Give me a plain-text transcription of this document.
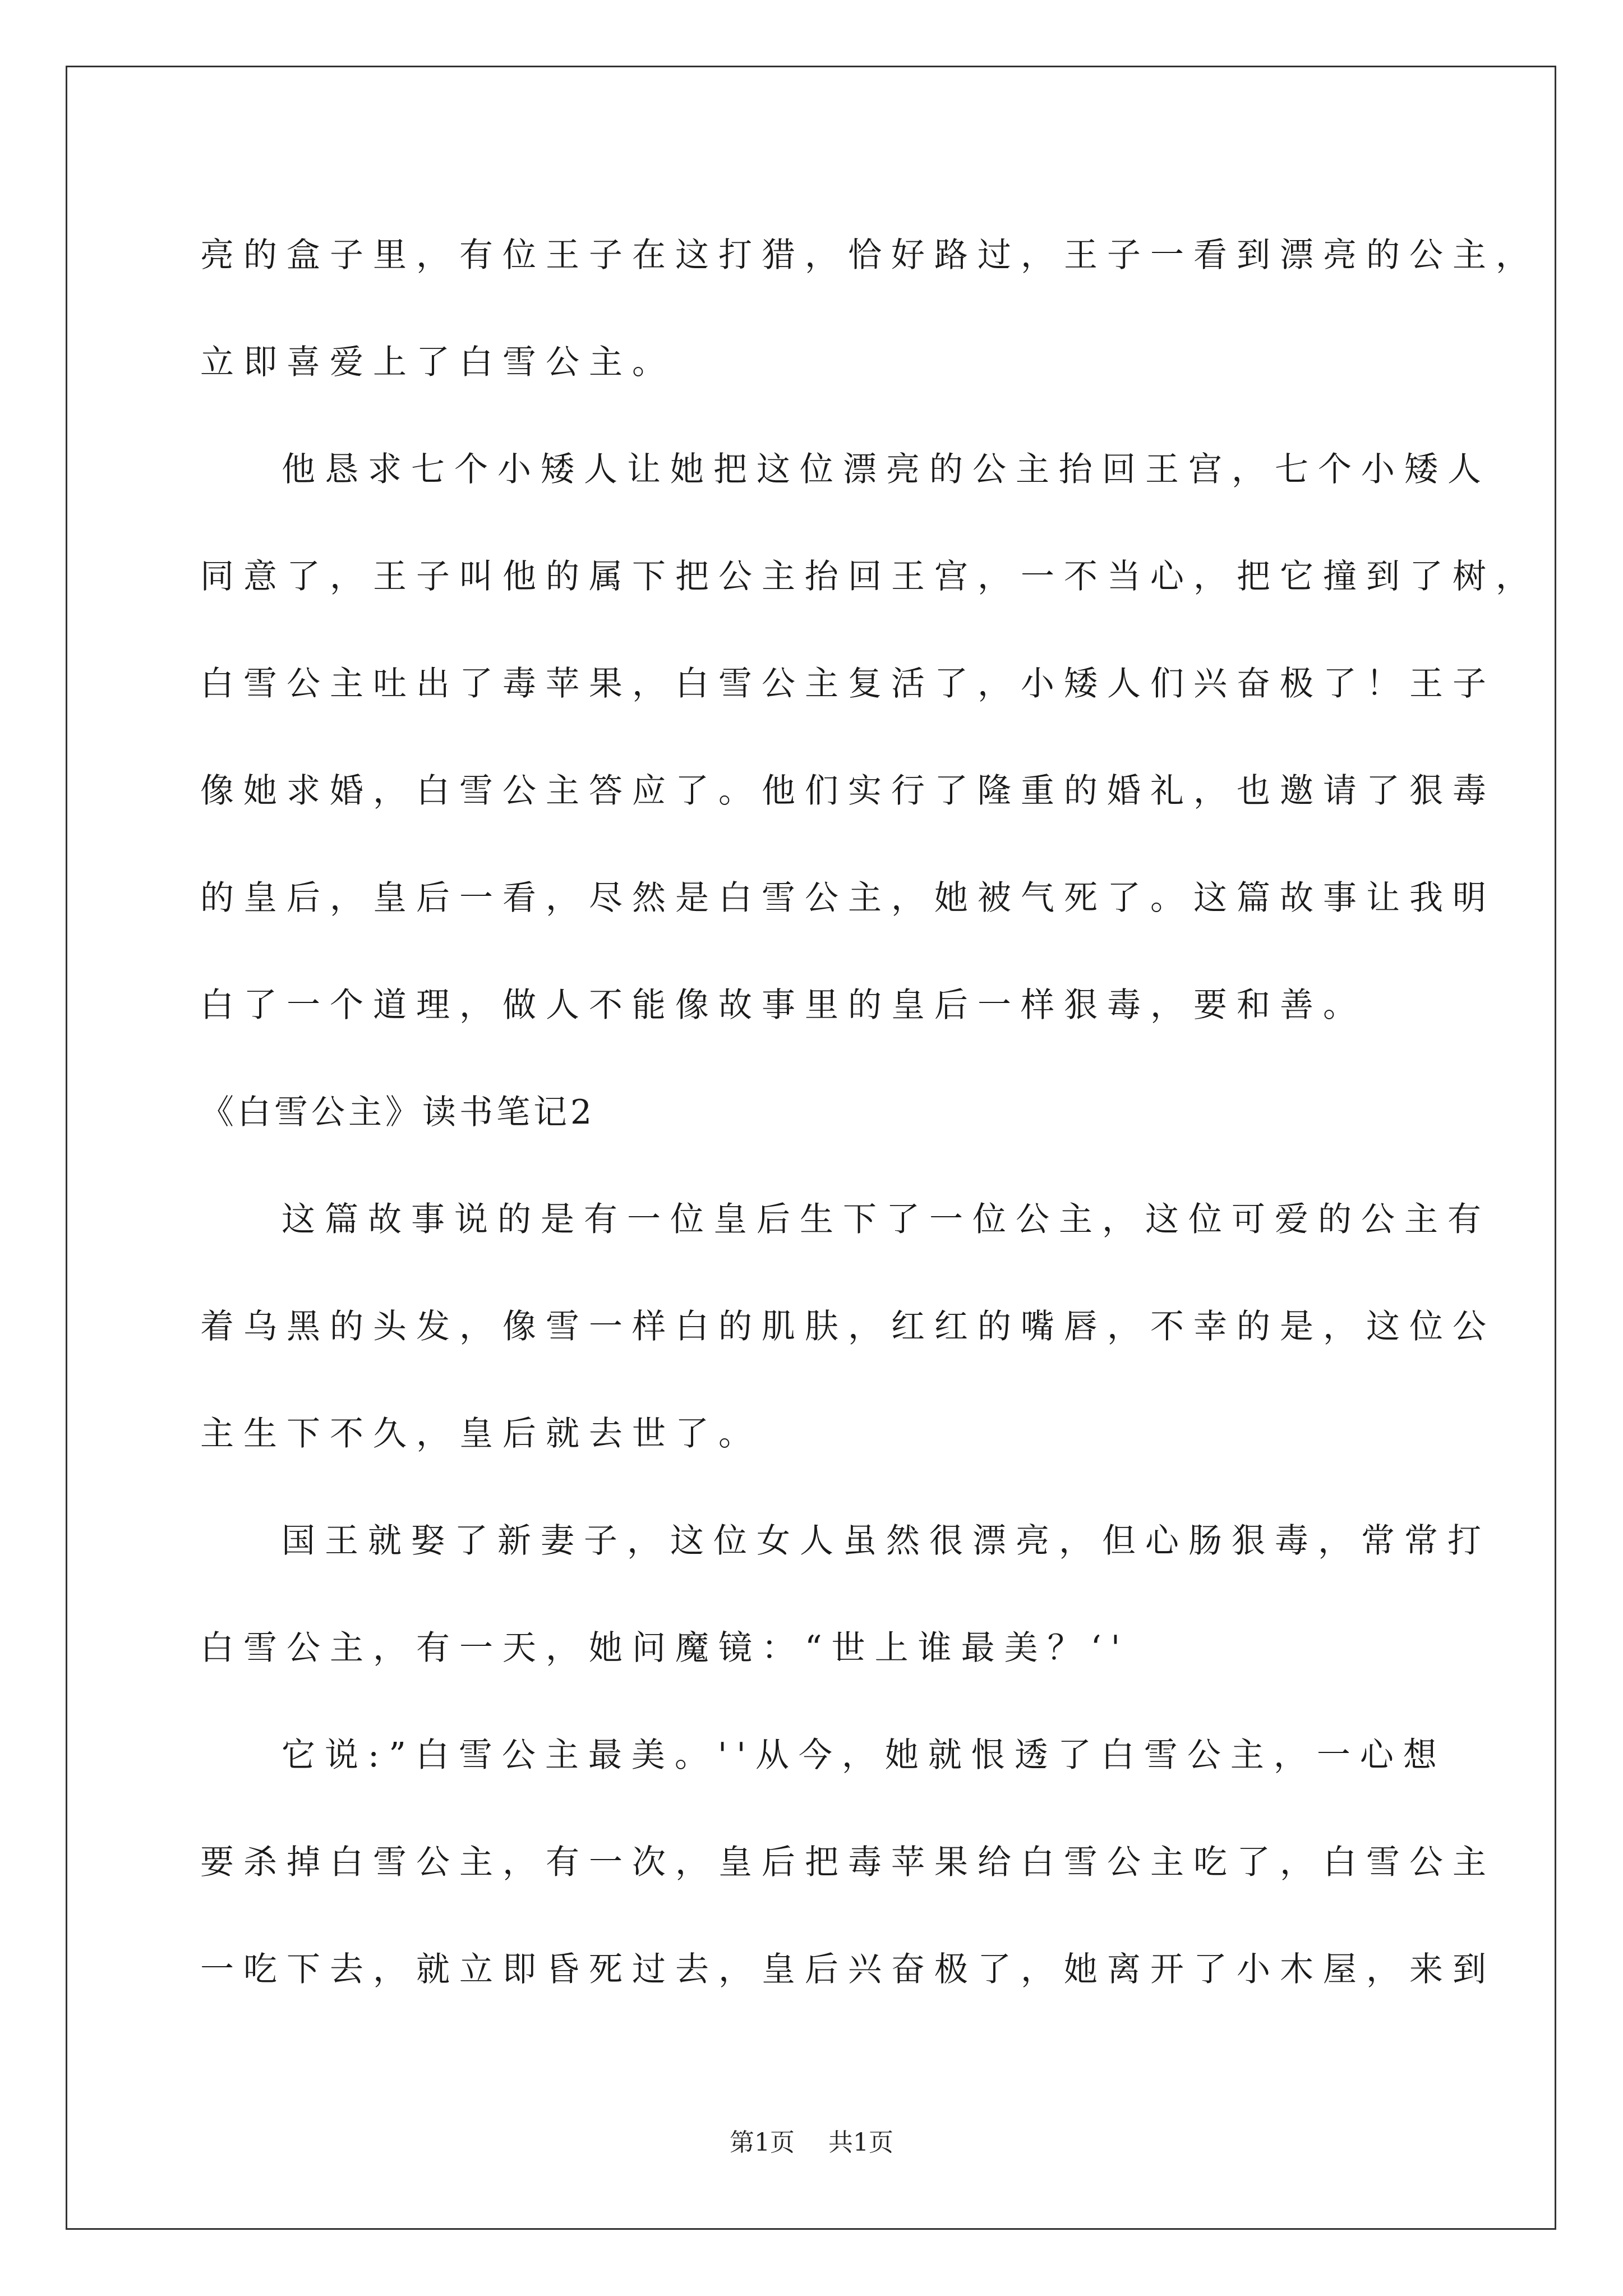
亮的盒子里，有位王子在这打猎，恰好路过，王子一看到漂亮的公主，
立即喜爱上了白雪公主。
他恳求七个小矮人让她把这位漂亮的公主抬回王宫，七个小矮人
同意了，王子叫他的属下把公主抬回王宫，一不当心，把它撞到了树，
白雪公主吐出了毒苹果，白雪公主复活了，小矮人们兴奋极了！王子
像她求婚，白雪公主答应了。他们实行了隆重的婚礼，也邀请了狠毒
的皇后，皇后一看，尽然是白雪公主，她被气死了。这篇故事让我明
白了一个道理，做人不能像故事里的皇后一样狠毒，要和善。
《白雪公主》读书笔记2
这篇故事说的是有一位皇后生下了一位公主，这位可爱的公主有
着乌黑的头发，像雪一样白的肌肤，红红的嘴唇，不幸的是，这位公
主生下不久，皇后就去世了。
国王就娶了新妻子，这位女人虽然很漂亮，但心肠狠毒，常常打
白雪公主，有一天，她问魔镜：“世上谁最美？‘'
它说:”白雪公主最美。''从今，她就恨透了白雪公主，一心想
要杀掉白雪公主，有一次，皇后把毒苹果给白雪公主吃了，白雪公主
一吃下去，就立即昏死过去，皇后兴奋极了，她离开了小木屋，来到
第1页 共1页
